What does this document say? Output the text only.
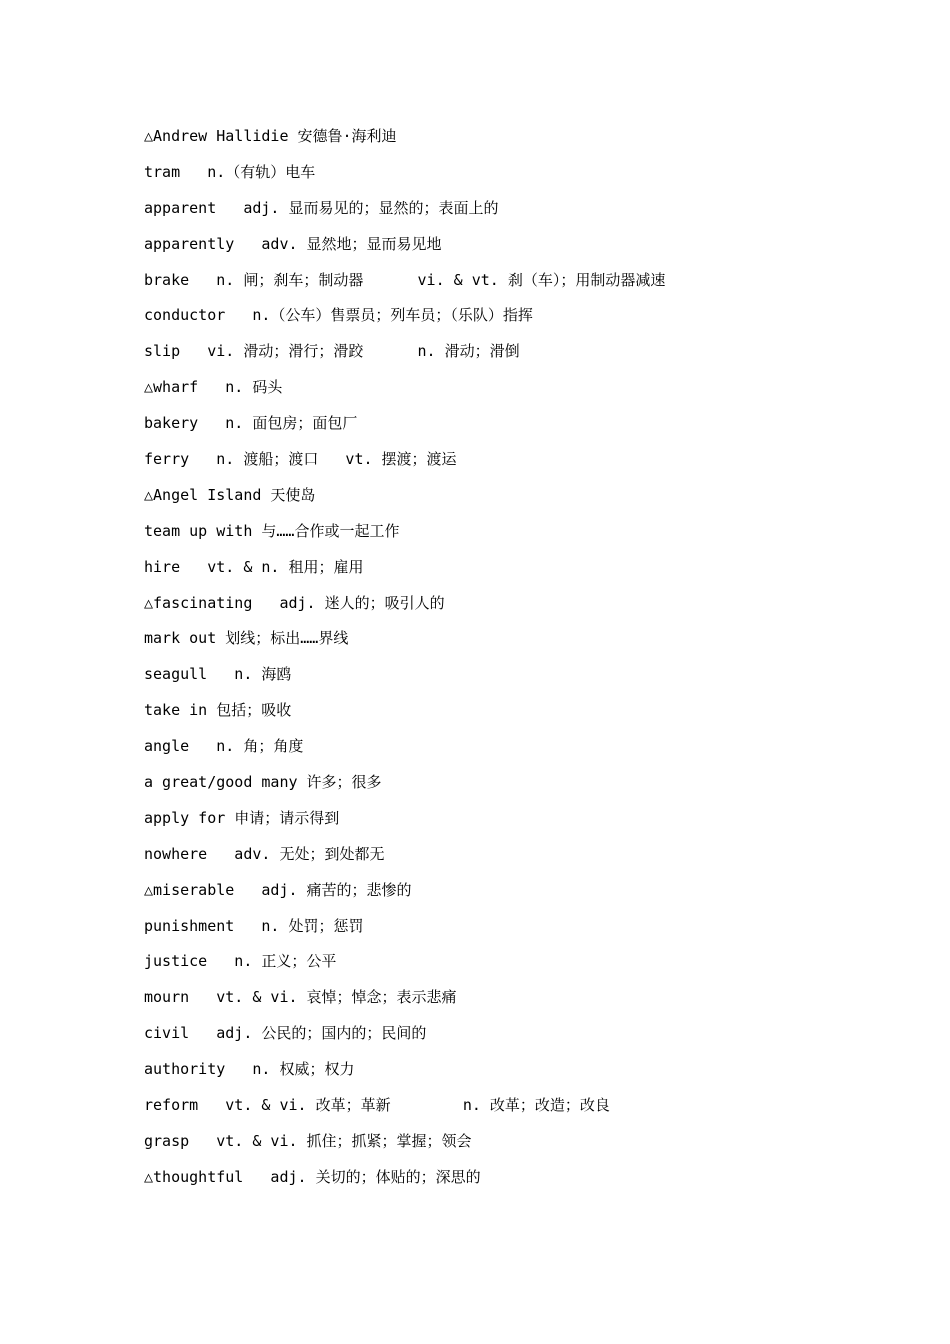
△Andrew Hallidie 安德鲁·海利迪
tram   n.（有轨）电车
apparent   adj. 显而易见的；显然的；表面上的
apparently   adv. 显然地；显而易见地
brake   n. 闸；刹车；制动器      vi. & vt. 刹（车）；用制动器减速
conductor   n.（公车）售票员；列车员；（乐队）指挥
slip   vi. 滑动；滑行；滑跤      n. 滑动；滑倒
△wharf   n. 码头
bakery   n. 面包房；面包厂
ferry   n. 渡船；渡口   vt. 摆渡；渡运
△Angel Island 天使岛
team up with 与……合作或一起工作
hire   vt. & n. 租用；雇用
△fascinating   adj. 迷人的；吸引人的
mark out 划线；标出……界线
seagull   n. 海鸥
take in 包括；吸收
angle   n. 角；角度
a great/good many 许多；很多
apply for 申请；请示得到
nowhere   adv. 无处；到处都无
△miserable   adj. 痛苦的；悲惨的
punishment   n. 处罚；惩罚
justice   n. 正义；公平
mourn   vt. & vi. 哀悼；悼念；表示悲痛
civil   adj. 公民的；国内的；民间的
authority   n. 权威；权力
reform   vt. & vi. 改革；革新        n. 改革；改造；改良
grasp   vt. & vi. 抓住；抓紧；掌握；领会
△thoughtful   adj. 关切的；体贴的；深思的
